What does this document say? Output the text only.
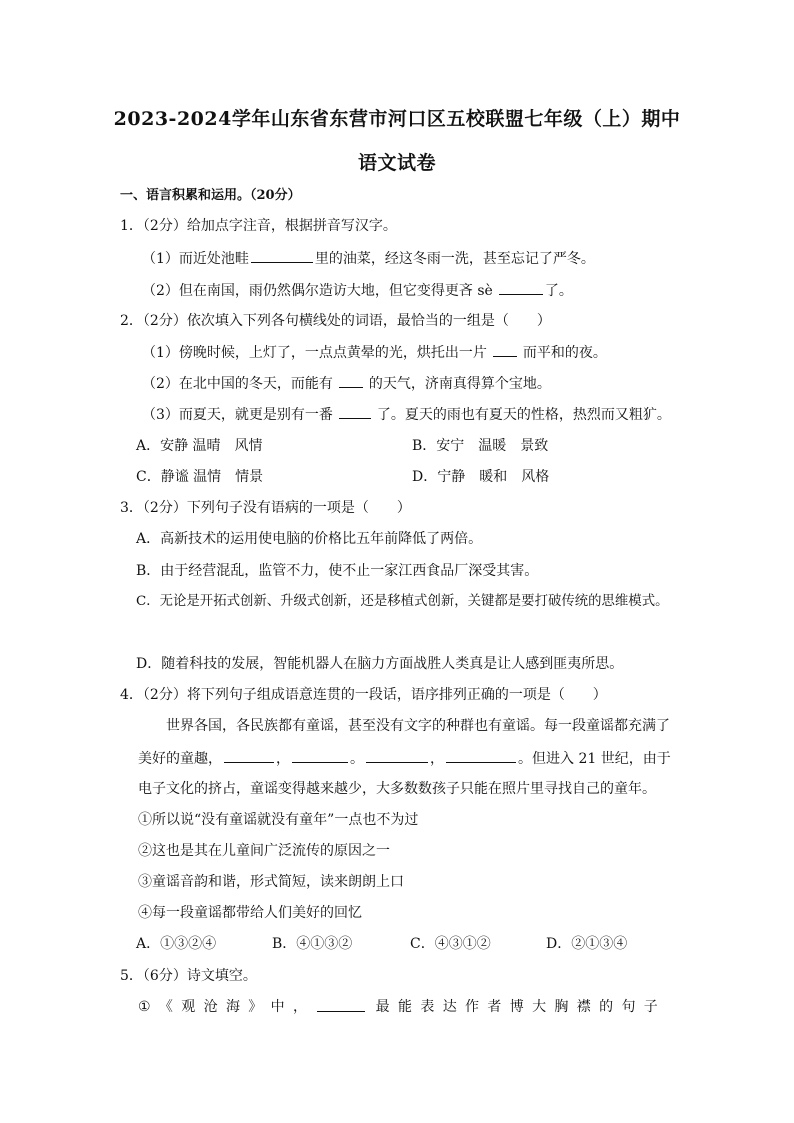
2023-2024学年山东省东营市河口区五校联盟七年级（上）期中
语文试卷
一、语言积累和运用。（20分）
1．（2分）给加点字注音，根据拼音写汉字。
（1）而近处池畦	里的油菜，经这冬雨一洗，甚至忘记了严冬。
（2）但在南国，雨仍然偶尔造访大地，但它变得更吝 sè	了。
2．（2分）依次填入下列各句横线处的词语，最恰当的一组是（　　）
（1）傍晚时候，上灯了，一点点黄晕的光，烘托出一片	而平和的夜。
（2）在北中国的冬天，而能有	的天气，济南真得算个宝地。
（3）而夏天，就更是别有一番	了。夏天的雨也有夏天的性格，热烈而又粗犷。
A．安静 温晴　风情	B．安宁　温暖　景致
C．静谧 温情　情景	D．宁静　暖和　风格
3．（2分）下列句子没有语病的一项是（　　）
A．高新技术的运用使电脑的价格比五年前降低了两倍。
B．由于经营混乱，监管不力，使不止一家江西食品厂深受其害。
C．无论是开拓式创新、升级式创新，还是移植式创新，关键都是要打破传统的思维模式。
D．随着科技的发展，智能机器人在脑力方面战胜人类真是让人感到匪夷所思。
4．（2分）将下列句子组成语意连贯的一段话，语序排列正确的一项是（　　）
世界各国，各民族都有童谣，甚至没有文字的种群也有童谣。每一段童谣都充满了
美好的童趣，	，	。	，	。但进入 21 世纪，由于
电子文化的挤占，童谣变得越来越少，大多数数孩子只能在照片里寻找自己的童年。
①所以说“没有童谣就没有童年”一点也不为过
②这也是其在儿童间广泛流传的原因之一
③童谣音韵和谐，形式简短，读来朗朗上口
④每一段童谣都带给人们美好的回忆
A．①③②④	B．④①③②	C．④③①②	D．②①③④
5．（6分）诗文填空。
① 《 观 沧 海 》 中 ，	最 能 表 达 作 者 博 大 胸 襟 的 句 子
